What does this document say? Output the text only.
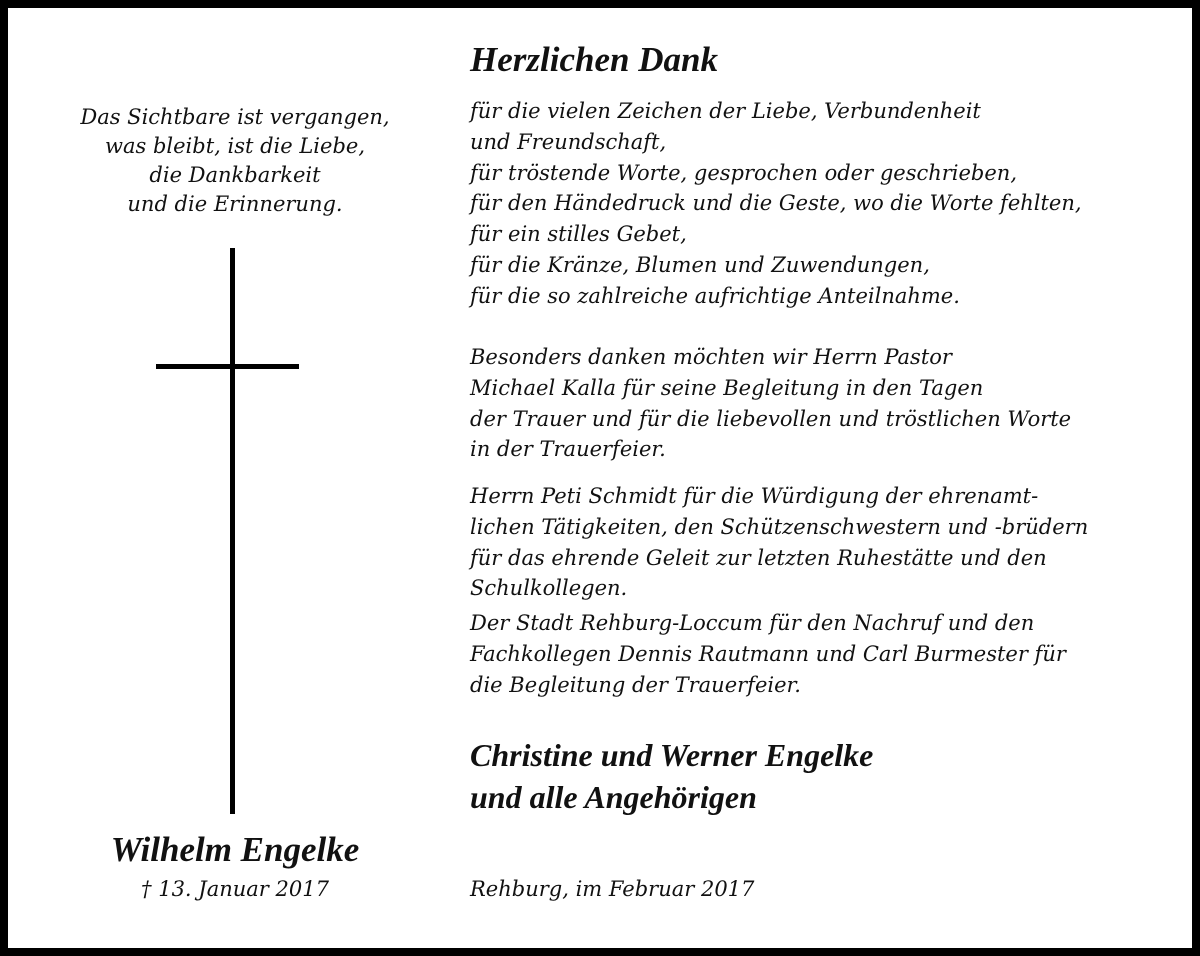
Das Sichtbare ist vergangen,
was bleibt, ist die Liebe,
die Dankbarkeit
und die Erinnerung.
Wilhelm Engelke
† 13. Januar 2017
Herzlichen Dank
für die vielen Zeichen der Liebe, Verbundenheit
und Freundschaft,
für tröstende Worte, gesprochen oder geschrieben,
für den Händedruck und die Geste, wo die Worte fehlten,
für ein stilles Gebet,
für die Kränze, Blumen und Zuwendungen,
für die so zahlreiche aufrichtige Anteilnahme.
Besonders danken möchten wir Herrn Pastor
Michael Kalla für seine Begleitung in den Tagen
der Trauer und für die liebevollen und tröstlichen Worte
in der Trauerfeier.
Herrn Peti Schmidt für die Würdigung der ehrenamt-
lichen Tätigkeiten, den Schützenschwestern und -brüdern
für das ehrende Geleit zur letzten Ruhestätte und den
Schulkollegen.
Der Stadt Rehburg-Loccum für den Nachruf und den
Fachkollegen Dennis Rautmann und Carl Burmester für
die Begleitung der Trauerfeier.
Christine und Werner Engelke
und alle Angehörigen
Rehburg, im Februar 2017
